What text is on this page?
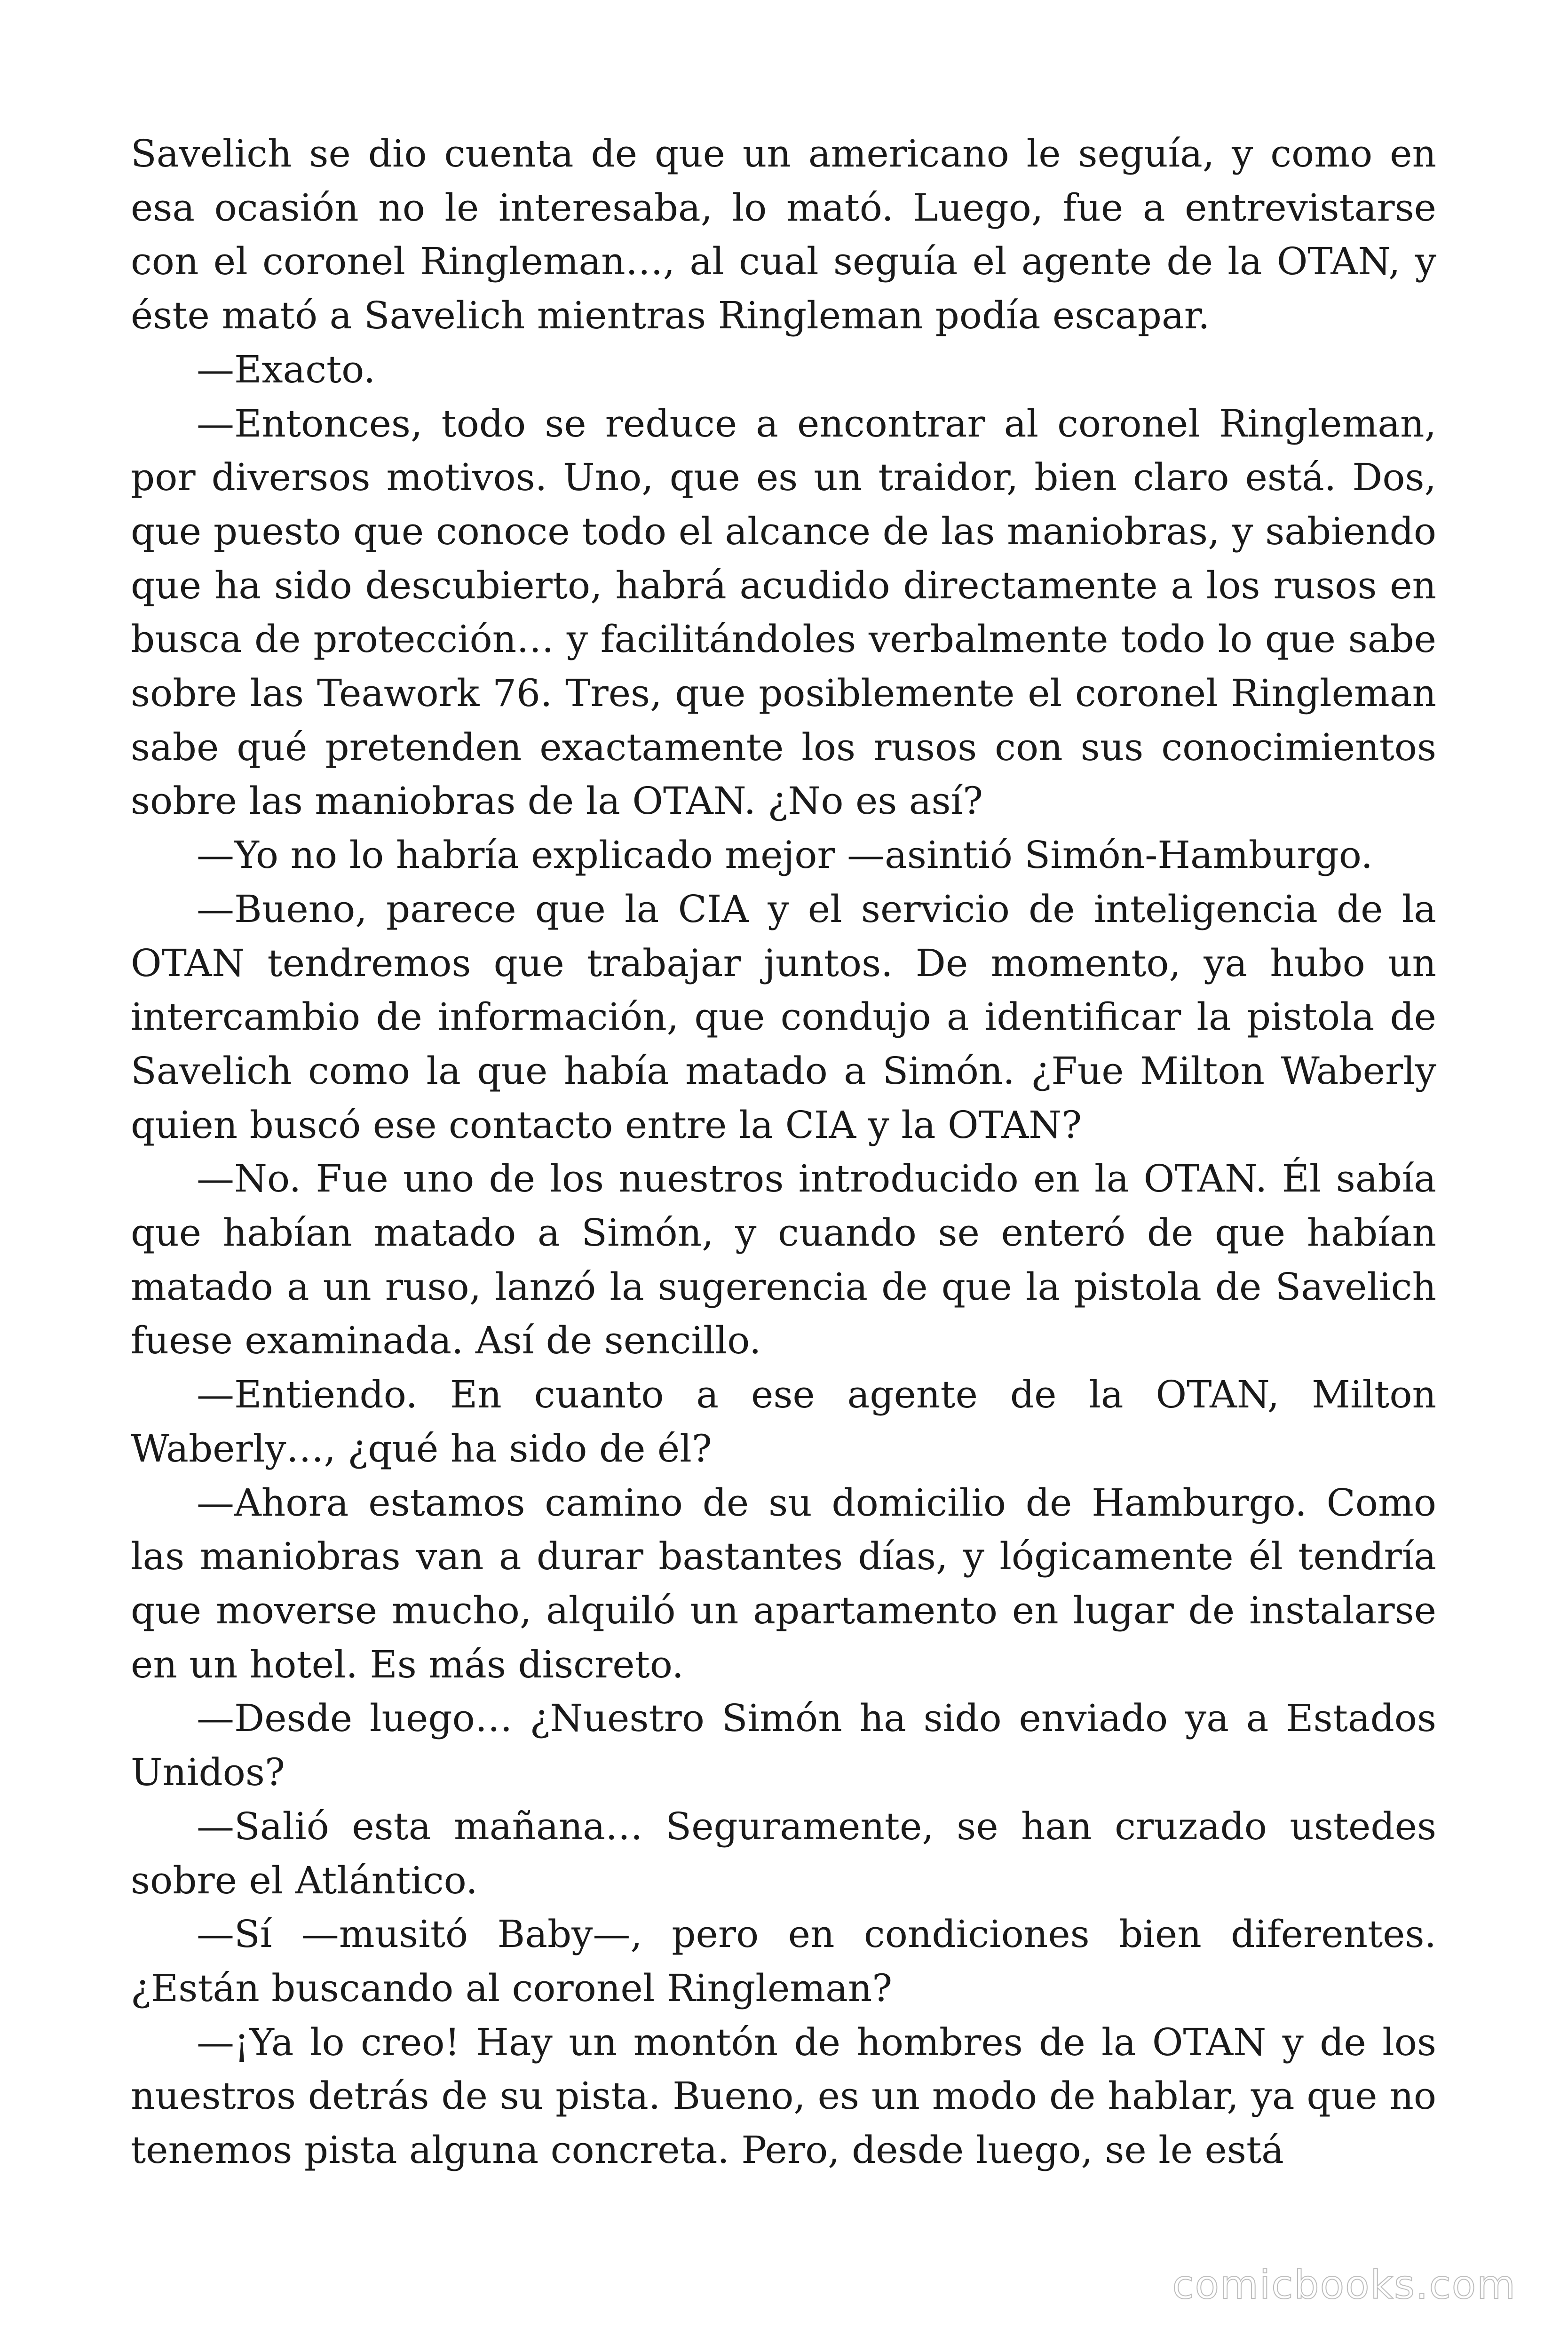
Savelich se dio cuenta de que un americano le seguía, y como en esa ocasión no le interesaba, lo mató. Luego, fue a entrevistarse con el coronel Ringleman…, al cual seguía el agente de la OTAN, y éste mató a Savelich mientras Ringleman podía escapar.

—Exacto.

—Entonces, todo se reduce a encontrar al coronel Ringleman, por diversos motivos. Uno, que es un traidor, bien claro está. Dos, que puesto que conoce todo el alcance de las maniobras, y sabiendo que ha sido descubierto, habrá acudido directamente a los rusos en busca de protección… y facilitándoles verbalmente todo lo que sabe sobre las Teawork 76. Tres, que posiblemente el coronel Ringleman sabe qué pretenden exactamente los rusos con sus conocimientos sobre las maniobras de la OTAN. ¿No es así?

—Yo no lo habría explicado mejor —asintió Simón-Hamburgo.

—Bueno, parece que la CIA y el servicio de inteligencia de la OTAN tendremos que trabajar juntos. De momento, ya hubo un intercambio de información, que condujo a identificar la pistola de Savelich como la que había matado a Simón. ¿Fue Milton Waberly quien buscó ese contacto entre la CIA y la OTAN?

—No. Fue uno de los nuestros introducido en la OTAN. Él sabía que habían matado a Simón, y cuando se enteró de que habían matado a un ruso, lanzó la sugerencia de que la pistola de Savelich fuese examinada. Así de sencillo.

—Entiendo. En cuanto a ese agente de la OTAN, Milton Waberly…, ¿qué ha sido de él?

—Ahora estamos camino de su domicilio de Hamburgo. Como las maniobras van a durar bastantes días, y lógicamente él tendría que moverse mucho, alquiló un apartamento en lugar de instalarse en un hotel. Es más discreto.

—Desde luego… ¿Nuestro Simón ha sido enviado ya a Estados Unidos?

—Salió esta mañana… Seguramente, se han cruzado ustedes sobre el Atlántico.

—Sí —musitó Baby—, pero en condiciones bien diferentes. ¿Están buscando al coronel Ringleman?

—¡Ya lo creo! Hay un montón de hombres de la OTAN y de los nuestros detrás de su pista. Bueno, es un modo de hablar, ya que no tenemos pista alguna concreta. Pero, desde luego, se le está

comicbooks.com
